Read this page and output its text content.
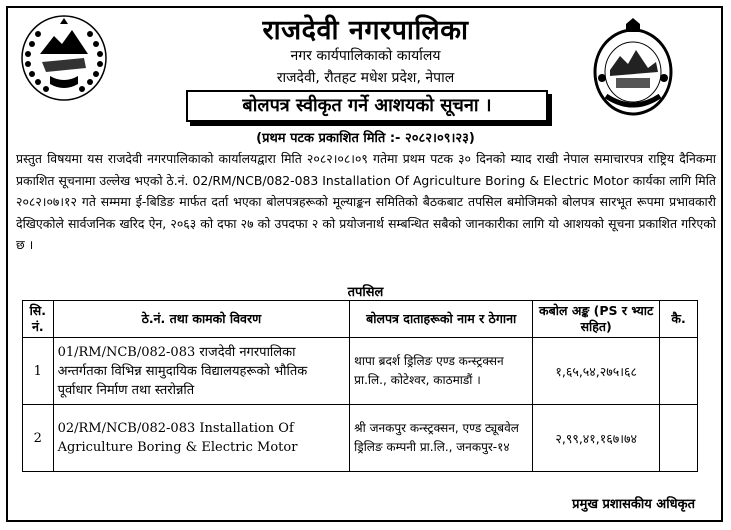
राजदेवी नगरपालिका
नगर कार्यपालिकाको कार्यालय
राजदेवी, रौतहट मधेश प्रदेश, नेपाल
बोलपत्र स्वीकृत गर्ने आशयको सूचना ।
(प्रथम पटक प्रकाशित मिति :- २०८२।०९।२३)
प्रस्तुत विषयमा यस राजदेवी नगरपालिकाको कार्यालयद्वारा मिति २०८२।०८।०९ गतेमा प्रथम पटक ३० दिनको म्याद राखी नेपाल समाचारपत्र राष्ट्रिय दैनिकमा प्रकाशित सूचनामा उल्लेख भएको ठे.नं. 02/RM/NCB/082-083 Installation Of Agriculture Boring & Electric Motor कार्यका लागि मिति २०८२।०७।१२ गते सम्ममा ई-बिडिङ मार्फत दर्ता भएका बोलपत्रहरूको मूल्याङ्कन समितिको बैठकबाट तपसिल बमोजिमको बोलपत्र सारभूत रूपमा प्रभावकारी देखिएकोले सार्वजनिक खरिद ऐन, २०६३ को दफा २७ को उपदफा २ को प्रयोजनार्थ सम्बन्धित सबैको जानकारीका लागि यो आशयको सूचना प्रकाशित गरिएको छ ।
तपसिल
सि. नं.	ठे.नं. तथा कामको विवरण	बोलपत्र दाताहरूको नाम र ठेगाना	कबोल अङ्क (PS र भ्याट सहित)	कै.
1	01/RM/NCB/082-083 राजदेवी नगरपालिका अन्तर्गतका विभिन्न सामुदायिक विद्यालयहरूको भौतिक पूर्वाधार निर्माण तथा स्तरोन्नति	थापा ब्रदर्श ड्रिलिङ एण्ड कन्स्ट्रक्सन प्रा.लि., कोटेश्वर, काठमाडौं ।	१,६५,५४,२७५।६८	
2	02/RM/NCB/082-083 Installation Of Agriculture Boring & Electric Motor	श्री जनकपुर कन्स्ट्रक्सन, एण्ड ट्यूबवेल ड्रिलिङ कम्पनी प्रा.लि., जनकपुर-१४	२,९९,४१,१६७।७४	
प्रमुख प्रशासकीय अधिकृत
